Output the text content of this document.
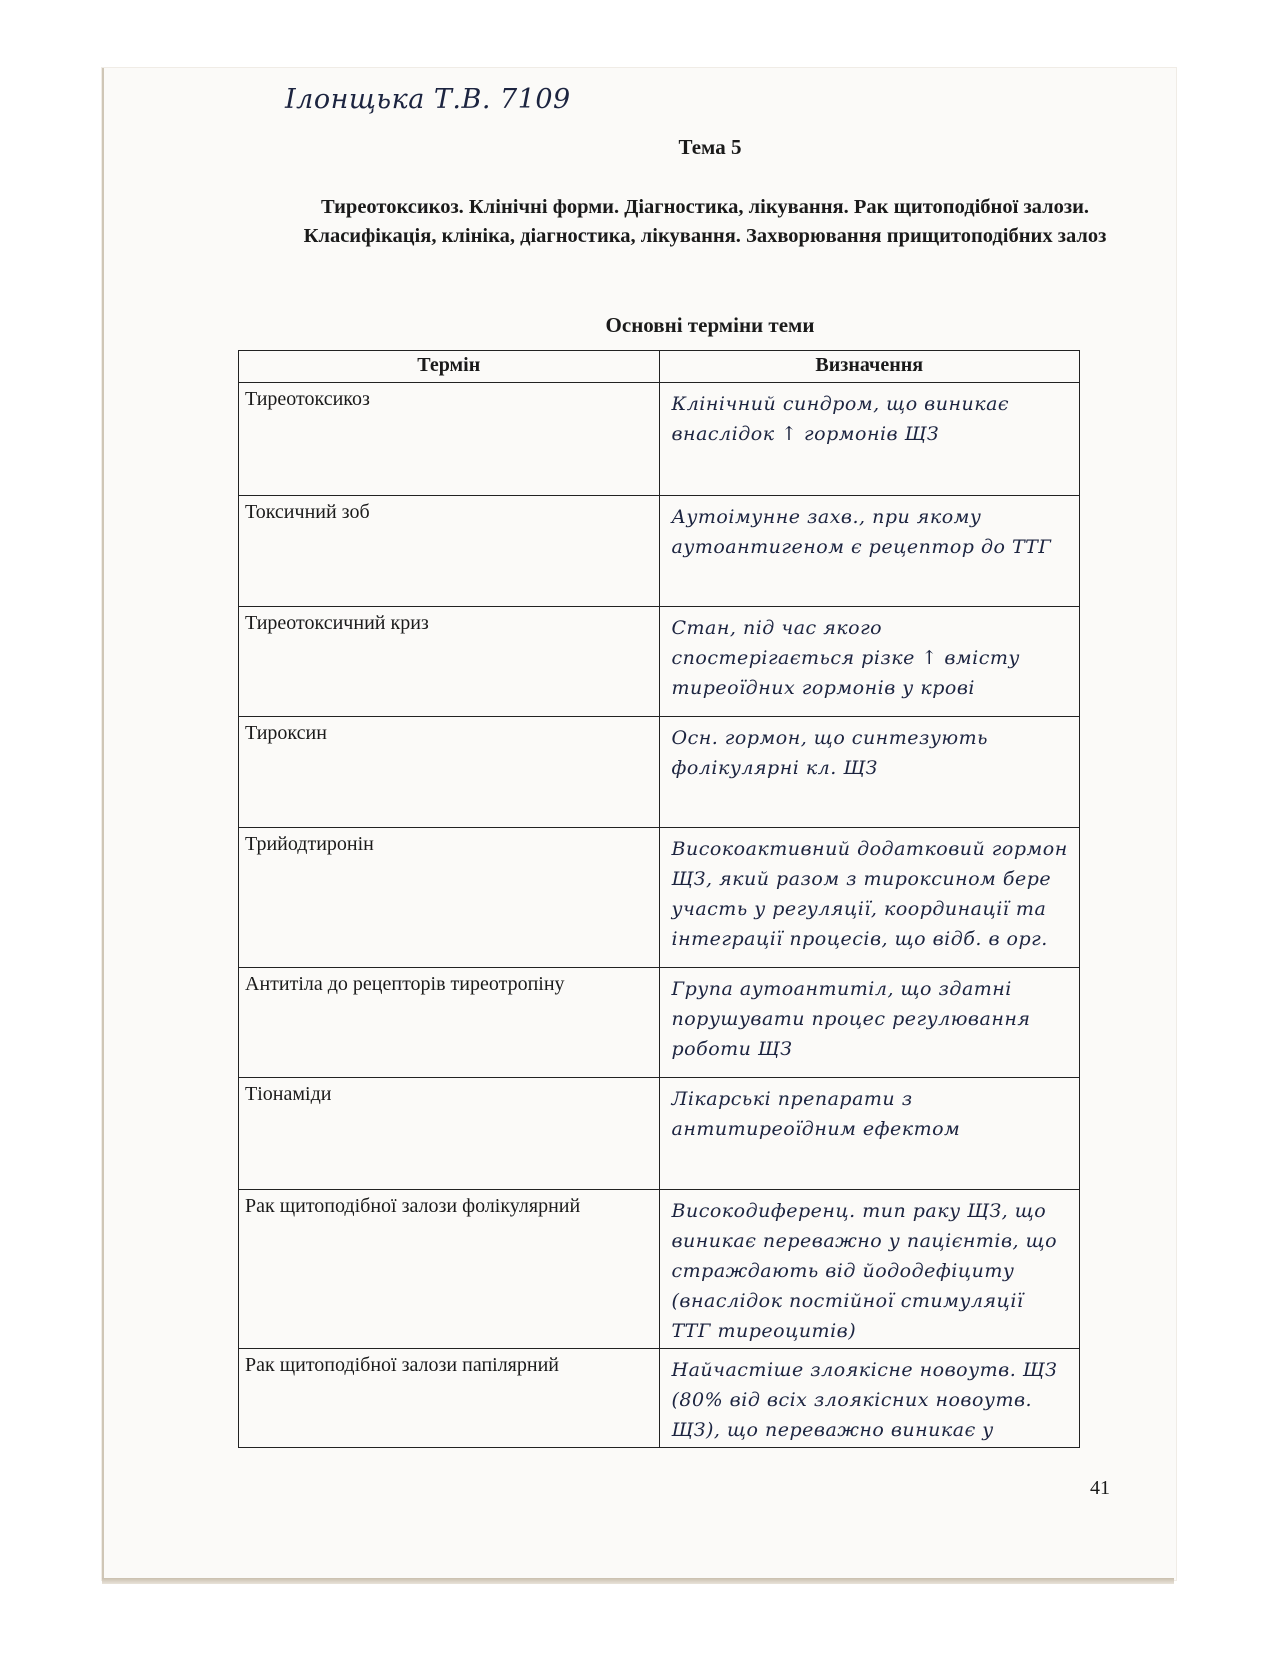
Ілонщька Т.В. 7109
Тема 5
Тиреотоксикоз. Клінічні форми. Діагностика, лікування. Рак щитоподібної залози. Класифікація, клініка, діагностика, лікування. Захворювання прищитоподібних залоз
Основні терміни теми
Термін	Визначення
Тиреотоксикоз	Клінічний синдром, що виникає внаслідок ↑ гормонів ЩЗ
Токсичний зоб	Аутоімунне захв., при якому аутоантигеном є рецептор до ТТГ
Тиреотоксичний криз	Стан, під час якого спостерігається різке ↑ вмісту тиреоїдних гормонів у крові
Тироксин	Осн. гормон, що синтезують фолікулярні кл. ЩЗ
Трийодтиронін	Високоактивний додатковий гормон ЩЗ, який разом з тироксином бере участь у регуляції, координації та інтеграції процесів, що відб. в орг.
Антитіла до рецепторів тиреотропіну	Група аутоантитіл, що здатні порушувати процес регулювання роботи ЩЗ
Тіонаміди	Лікарські препарати з антитиреоїдним ефектом
Рак щитоподібної залози фолікулярний	Високодиференц. тип раку ЩЗ, що виникає переважно у пацієнтів, що страждають від йододефіциту (внаслідок постійної стимуляції ТТГ тиреоцитів)
Рак щитоподібної залози папілярний	Найчастіше злоякісне новоутв. ЩЗ (80% від всіх злоякісних новоутв. ЩЗ), що переважно виникає у
41
